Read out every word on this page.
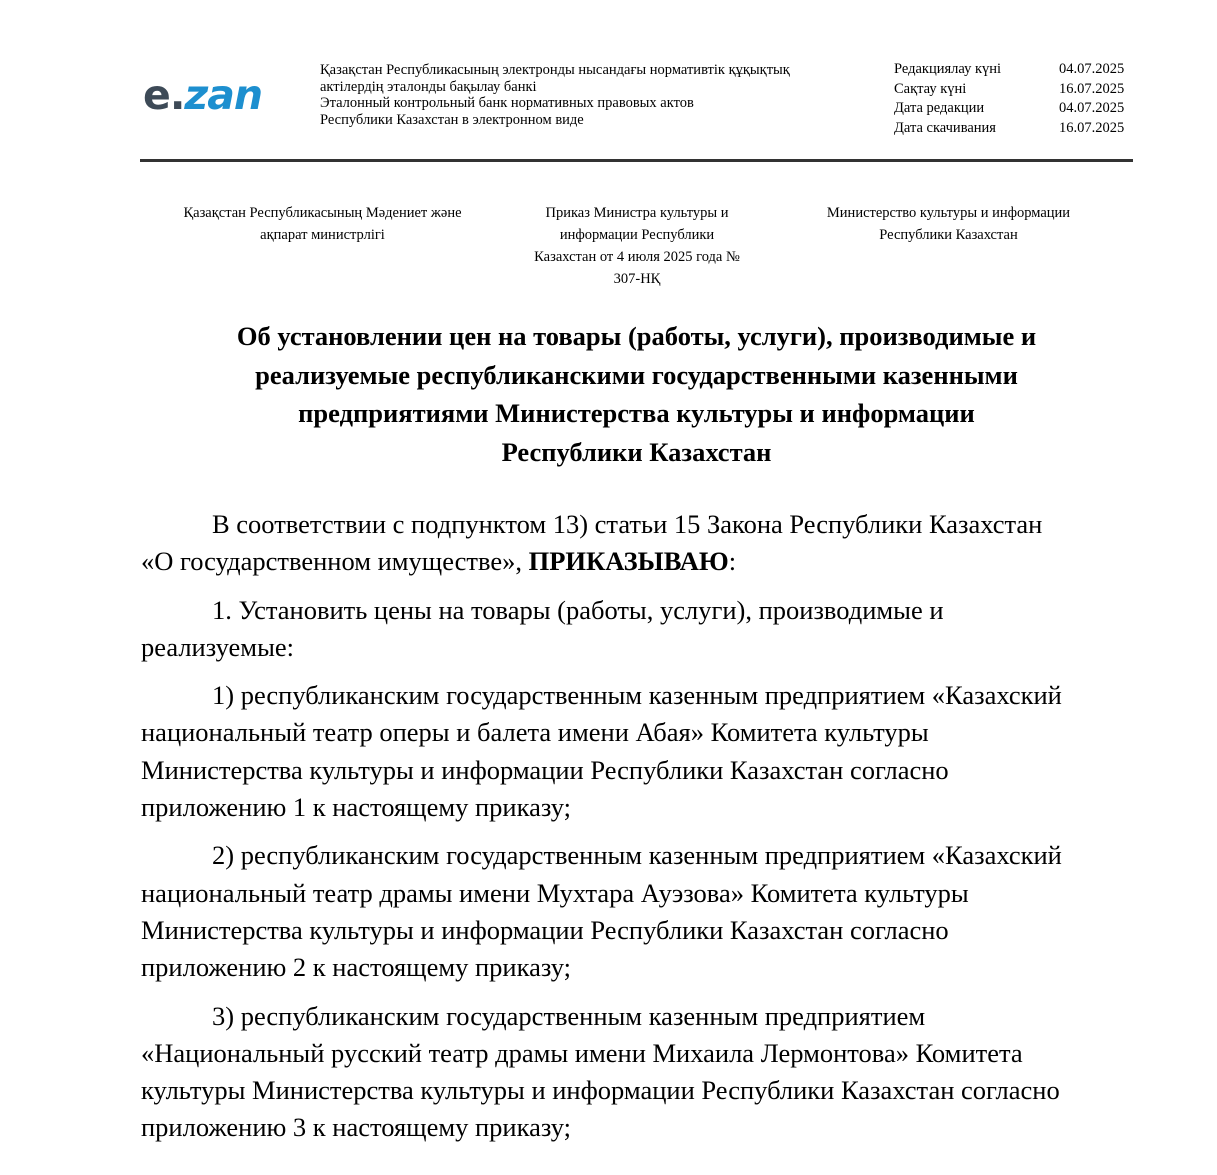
e.zan
Қазақстан Республикасының электронды нысандағы нормативтік құқықтық
актілердің эталонды бақылау банкі
Эталонный контрольный банк нормативных правовых актов
Республики Казахстан в электронном виде
Редакциялау күні	04.07.2025
Сақтау күні	16.07.2025
Дата редакции	04.07.2025
Дата скачивания	16.07.2025
Қазақстан Республикасының Мәдениет және
ақпарат министрлігі
Приказ Министра культуры и
информации Республики
Казахстан от 4 июля 2025 года №
307-НҚ
Министерство культуры и информации
Республики Казахстан
Об установлении цен на товары (работы, услуги), производимые и
реализуемые республиканскими государственными казенными
предприятиями Министерства культуры и информации
Республики Казахстан
В соответствии с подпунктом 13) статьи 15 Закона Республики Казахстан
«О государственном имуществе», ПРИКАЗЫВАЮ:
1. Установить цены на товары (работы, услуги), производимые и
реализуемые:
1) республиканским государственным казенным предприятием «Казахский
национальный театр оперы и балета имени Абая» Комитета культуры
Министерства культуры и информации Республики Казахстан согласно
приложению 1 к настоящему приказу;
2) республиканским государственным казенным предприятием «Казахский
национальный театр драмы имени Мухтара Ауэзова» Комитета культуры
Министерства культуры и информации Республики Казахстан согласно
приложению 2 к настоящему приказу;
3) республиканским государственным казенным предприятием
«Национальный русский театр драмы имени Михаила Лермонтова» Комитета
культуры Министерства культуры и информации Республики Казахстан согласно
приложению 3 к настоящему приказу;
